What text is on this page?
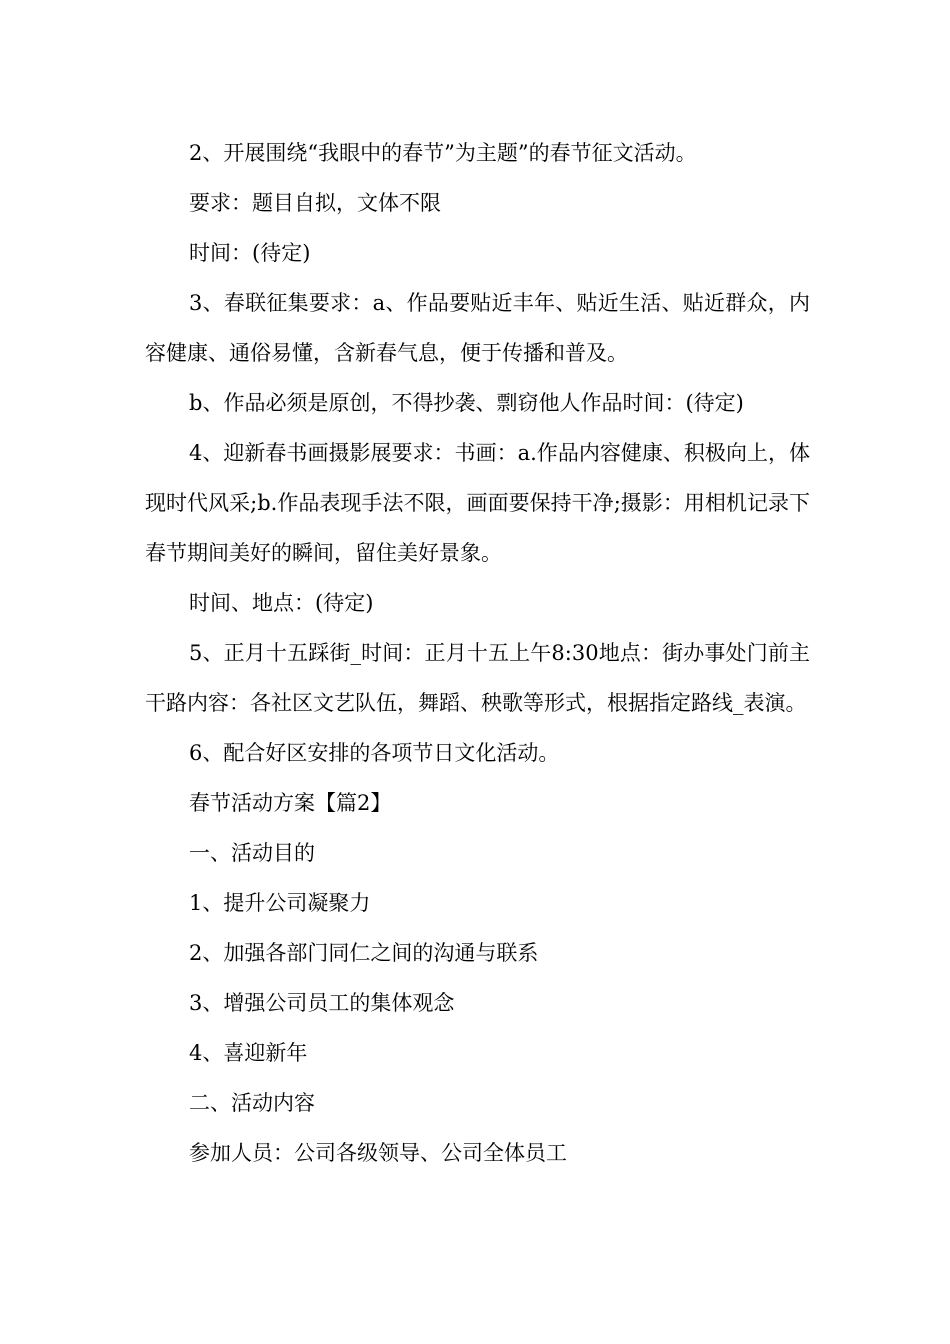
2、开展围绕“我眼中的春节”为主题”的春节征文活动。

要求：题目自拟，文体不限

时间：(待定)

3、春联征集要求：a、作品要贴近丰年、贴近生活、贴近群众，内容健康、通俗易懂，含新春气息，便于传播和普及。

b、作品必须是原创，不得抄袭、剽窃他人作品时间：(待定)

4、迎新春书画摄影展要求：书画：a.作品内容健康、积极向上，体现时代风采;b.作品表现手法不限，画面要保持干净;摄影：用相机记录下春节期间美好的瞬间，留住美好景象。

时间、地点：(待定)

5、正月十五踩街_时间：正月十五上午8:30地点：街办事处门前主干路内容：各社区文艺队伍，舞蹈、秧歌等形式，根据指定路线_表演。

6、配合好区安排的各项节日文化活动。

春节活动方案【篇2】

一、活动目的

1、提升公司凝聚力

2、加强各部门同仁之间的沟通与联系

3、增强公司员工的集体观念

4、喜迎新年

二、活动内容

参加人员：公司各级领导、公司全体员工
